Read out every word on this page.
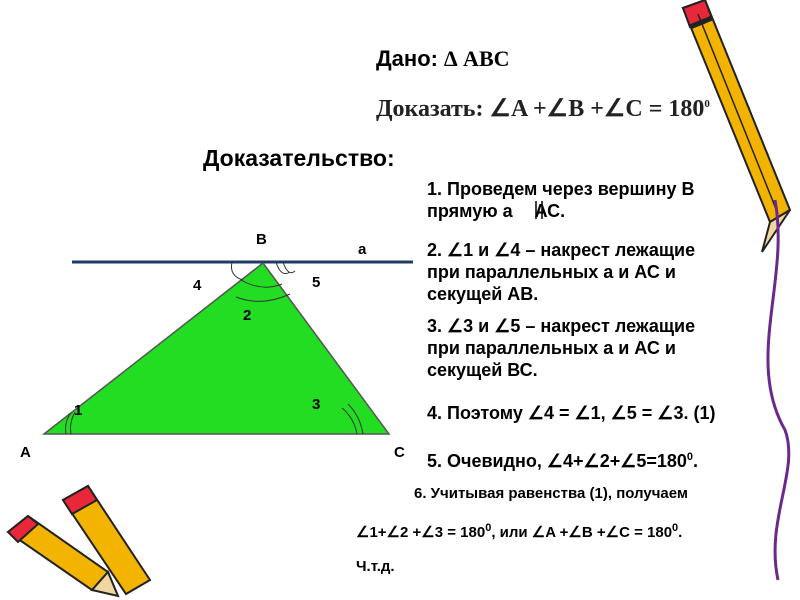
Дано: ∆ ABC
Доказать: ∠A +∠B +∠C = $180^0$
Доказательство:
В
а
4	5
2
1	3
А	С
1. Проведем через вершину В
прямую а АС.
2. ∠1 и ∠4 – накрест лежащие
при параллельных а и АС и
секущей АВ.
3. ∠3 и ∠5 – накрест лежащие
при параллельных а и АС и
секущей ВС.
4. Поэтому ∠4 = ∠1, ∠5 = ∠3. (1)
5. Очевидно, $\angle 4+\angle 2+\angle 5=180^0$.
6. Учитывая равенства (1), получаем
∠1+∠2 +∠3 = $180^0$, или ∠A +∠B +∠C = $180^0$.
Ч.т.д.
